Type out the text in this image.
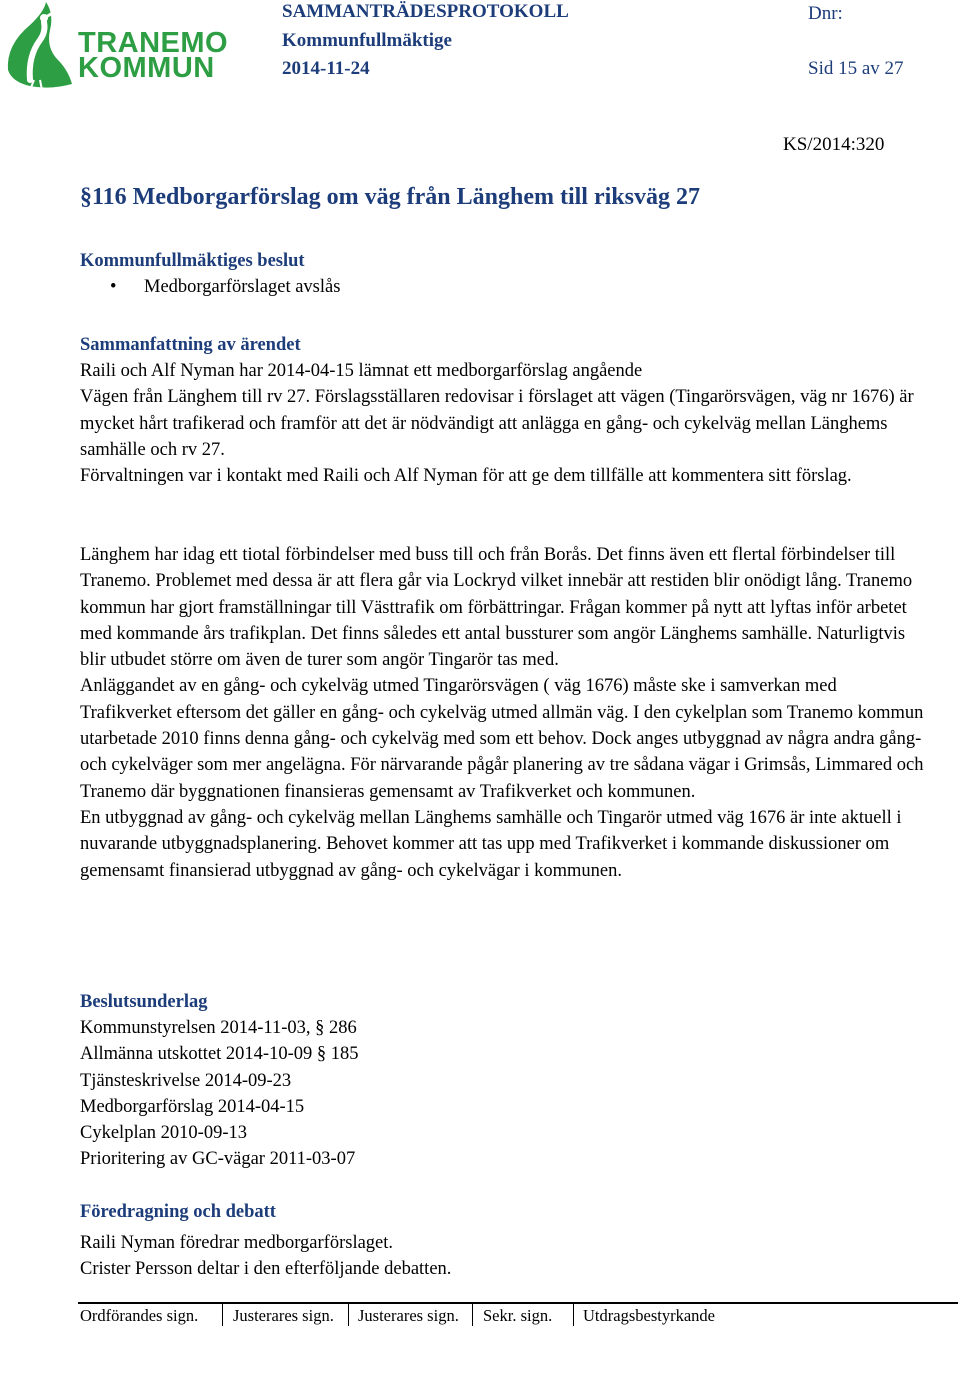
TRANEMO
KOMMUN
SAMMANTRÄDESPROTOKOLL
Kommunfullmäktige
2014-11-24
Dnr:
Sid 15 av 27
KS/2014:320
§116 Medborgarförslag om väg från Länghem till riksväg 27
Kommunfullmäktiges beslut
• Medborgarförslaget avslås
Sammanfattning av ärendet

Raili och Alf Nyman har 2014-04-15 lämnat ett medborgarförslag angående

Vägen från Länghem till rv 27. Förslagsställaren redovisar i förslaget att vägen (Tingarörsvägen, väg nr 1676) är mycket hårt trafikerad och framför att det är nödvändigt att anlägga en gång- och cykelväg mellan Länghems samhälle och rv 27.

Förvaltningen var i kontakt med Raili och Alf Nyman för att ge dem tillfälle att kommentera sitt förslag.

Länghem har idag ett tiotal förbindelser med buss till och från Borås. Det finns även ett flertal förbindelser till Tranemo. Problemet med dessa är att flera går via Lockryd vilket innebär att restiden blir onödigt lång. Tranemo kommun har gjort framställningar till Västtrafik om förbättringar. Frågan kommer på nytt att lyftas inför arbetet med kommande års trafikplan. Det finns således ett antal bussturer som angör Länghems samhälle. Naturligtvis blir utbudet större om även de turer som angör Tingarör tas med.

Anläggandet av en gång- och cykelväg utmed Tingarörsvägen ( väg 1676) måste ske i samverkan med Trafikverket eftersom det gäller en gång- och cykelväg utmed allmän väg. I den cykelplan som Tranemo kommun utarbetade 2010 finns denna gång- och cykelväg med som ett behov. Dock anges utbyggnad av några andra gång- och cykelväger som mer angelägna. För närvarande pågår planering av tre sådana vägar i Grimsås, Limmared och Tranemo där byggnationen finansieras gemensamt av Trafikverket och kommunen.

En utbyggnad av gång- och cykelväg mellan Länghems samhälle och Tingarör utmed väg 1676 är inte aktuell i nuvarande utbyggnadsplanering. Behovet kommer att tas upp med Trafikverket i kommande diskussioner om gemensamt finansierad utbyggnad av gång- och cykelvägar i kommunen.

Beslutsunderlag
Kommunstyrelsen 2014-11-03, § 286
Allmänna utskottet 2014-10-09 § 185
Tjänsteskrivelse 2014-09-23
Medborgarförslag 2014-04-15
Cykelplan 2010-09-13
Prioritering av GC-vägar 2011-03-07
Föredragning och debatt
Raili Nyman föredrar medborgarförslaget.
Crister Persson deltar i den efterföljande debatten.
Ordförandes sign. Justerares sign. Justerares sign. Sekr. sign. Utdragsbestyrkande
